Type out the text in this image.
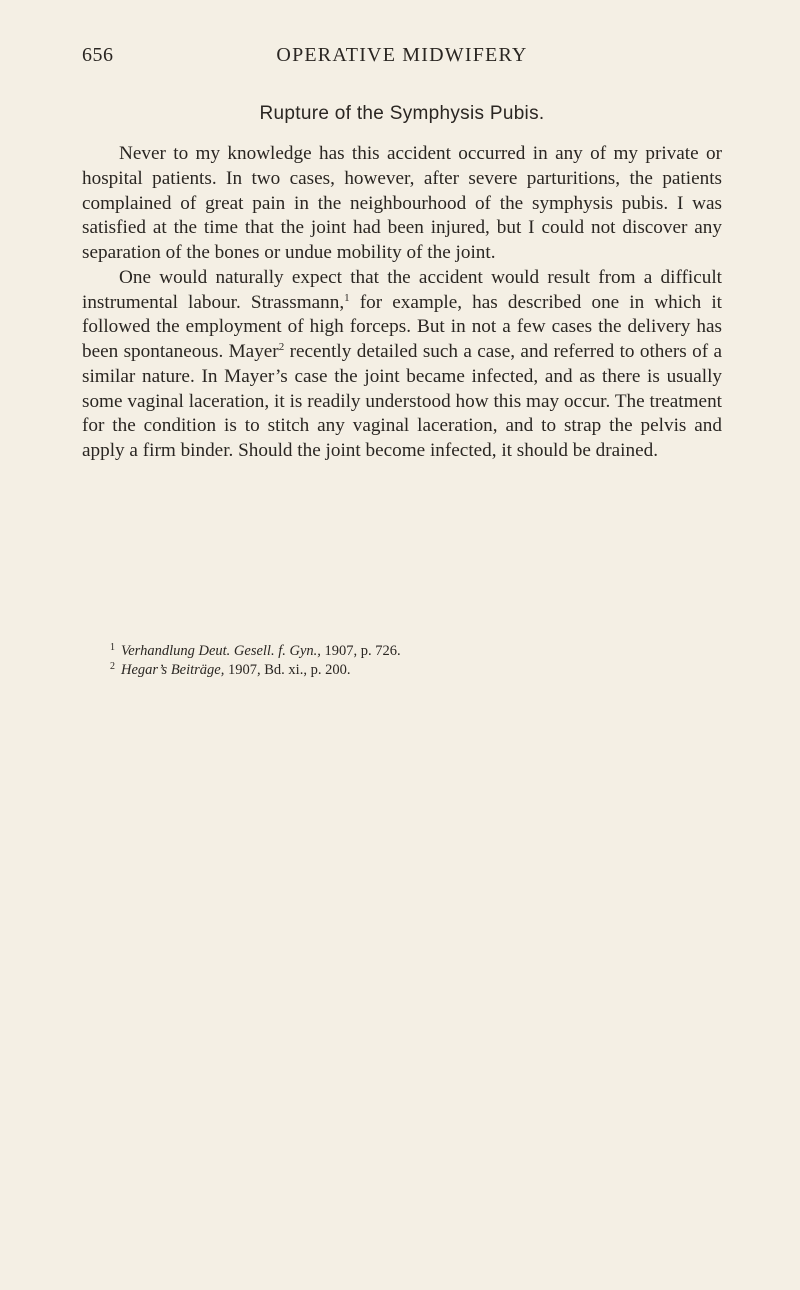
656	OPERATIVE MIDWIFERY
Rupture of the Symphysis Pubis.

Never to my knowledge has this accident occurred in any of my private or hospital patients. In two cases, however, after severe parturitions, the patients complained of great pain in the neighbourhood of the symphysis pubis. I was satisfied at the time that the joint had been injured, but I could not discover any separation of the bones or undue mobility of the joint.

One would naturally expect that the accident would result from a difficult instrumental labour. Strassmann,$^1$ for example, has described one in which it followed the employment of high forceps. But in not a few cases the delivery has been spontaneous. Mayer$^2$ recently detailed such a case, and referred to others of a similar nature. In Mayer’s case the joint became infected, and as there is usually some vaginal laceration, it is readily understood how this may occur. The treatment for the condition is to stitch any vaginal laceration, and to strap the pelvis and apply a firm binder. Should the joint become infected, it should be drained.

$^1$ Verhandlung Deut. Gesell. f. Gyn., 1907, p. 726.

$^2$ Hegar’s Beiträge, 1907, Bd. xi., p. 200.
